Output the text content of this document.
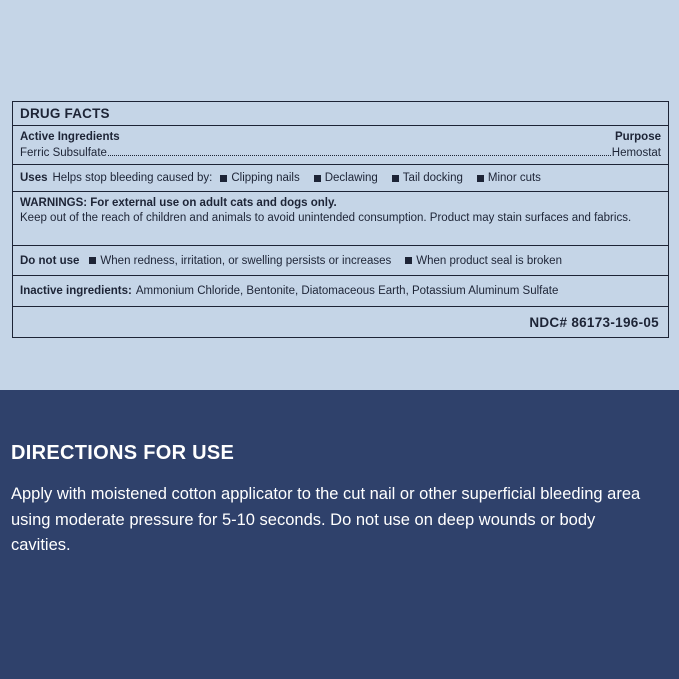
DRUG FACTS
Active Ingredients	Purpose
Ferric Subsulfate	Hemostat
Uses Helps stop bleeding caused by: Clipping nails Declawing Tail docking Minor cuts
WARNINGS: For external use on adult cats and dogs only.
Keep out of the reach of children and animals to avoid unintended consumption. Product may stain surfaces and fabrics.
Do not use When redness, irritation, or swelling persists or increases When product seal is broken
Inactive ingredients: Ammonium Chloride, Bentonite, Diatomaceous Earth, Potassium Aluminum Sulfate
NDC# 86173-196-05
DIRECTIONS FOR USE
Apply with moistened cotton applicator to the cut nail or other superficial bleeding area using moderate pressure for 5-10 seconds. Do not use on deep wounds or body cavities.
